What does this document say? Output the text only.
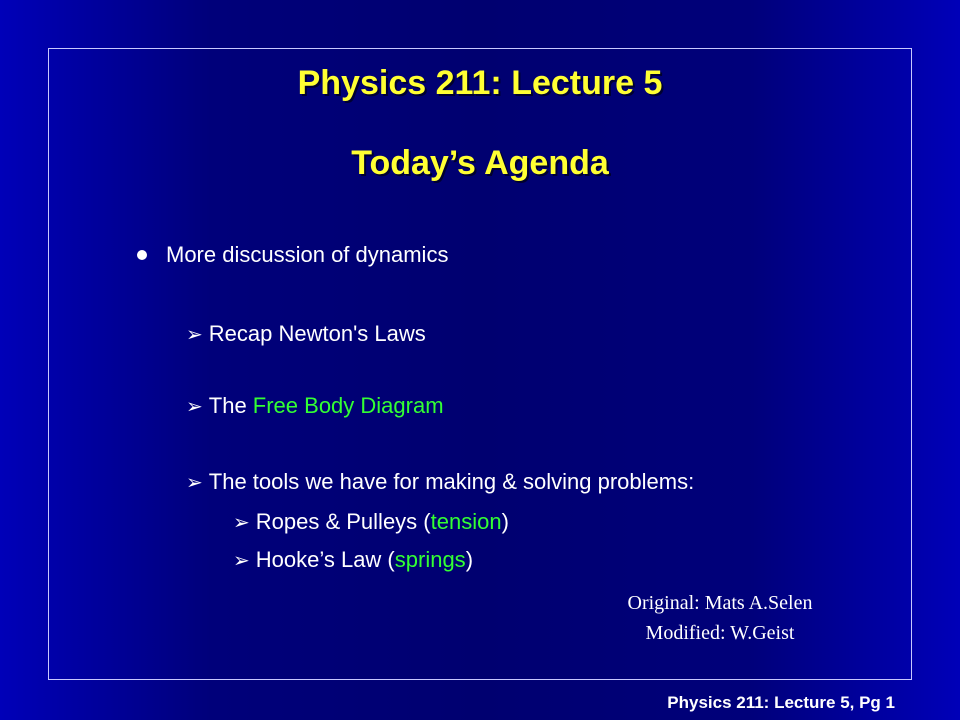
Physics 211: Lecture 5
Today’s Agenda
More discussion of dynamics
➢ Recap Newton's Laws
➢ The Free Body Diagram
➢ The tools we have for making & solving problems:
➢ Ropes & Pulleys (tension)
➢ Hooke’s Law (springs)
Original: Mats A.Selen
Modified: W.Geist
Physics 211: Lecture 5, Pg 1
